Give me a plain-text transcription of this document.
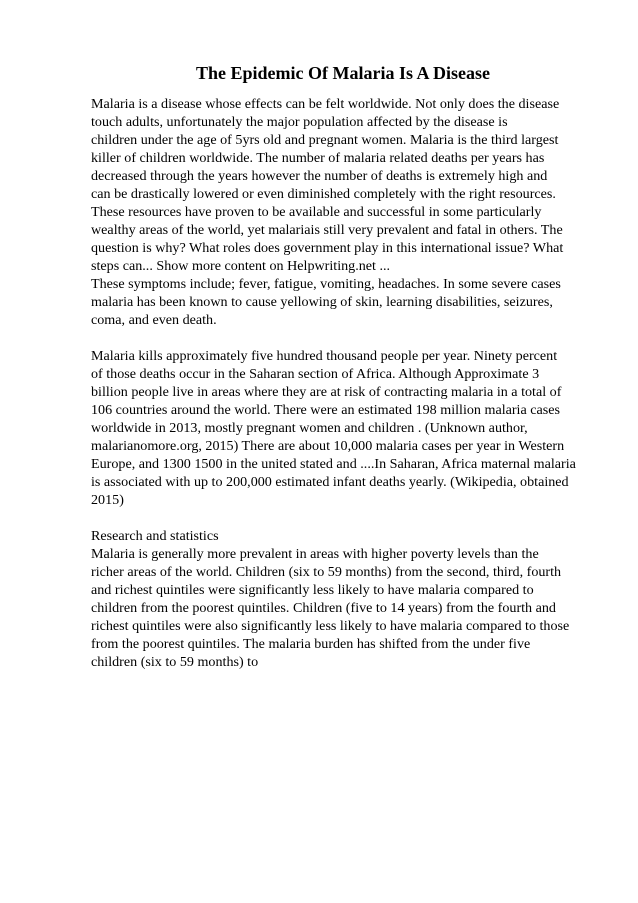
The Epidemic Of Malaria Is A Disease
Malaria is a disease whose effects can be felt worldwide. Not only does the disease
touch adults, unfortunately the major population affected by the disease is
children under the age of 5yrs old and pregnant women. Malaria is the third largest
killer of children worldwide. The number of malaria related deaths per years has
decreased through the years however the number of deaths is extremely high and
can be drastically lowered or even diminished completely with the right resources.
These resources have proven to be available and successful in some particularly
wealthy areas of the world, yet malariais still very prevalent and fatal in others. The
question is why? What roles does government play in this international issue? What
steps can... Show more content on Helpwriting.net ...
These symptoms include; fever, fatigue, vomiting, headaches. In some severe cases
malaria has been known to cause yellowing of skin, learning disabilities, seizures,
coma, and even death.
Malaria kills approximately five hundred thousand people per year. Ninety percent
of those deaths occur in the Saharan section of Africa. Although Approximate 3
billion people live in areas where they are at risk of contracting malaria in a total of
106 countries around the world. There were an estimated 198 million malaria cases
worldwide in 2013, mostly pregnant women and children . (Unknown author,
malarianomore.org, 2015) There are about 10,000 malaria cases per year in Western
Europe, and 1300 1500 in the united stated and ....In Saharan, Africa maternal malaria
is associated with up to 200,000 estimated infant deaths yearly. (Wikipedia, obtained
2015)
Research and statistics
Malaria is generally more prevalent in areas with higher poverty levels than the
richer areas of the world. Children (six to 59 months) from the second, third, fourth
and richest quintiles were significantly less likely to have malaria compared to
children from the poorest quintiles. Children (five to 14 years) from the fourth and
richest quintiles were also significantly less likely to have malaria compared to those
from the poorest quintiles. The malaria burden has shifted from the under five
children (six to 59 months) to
